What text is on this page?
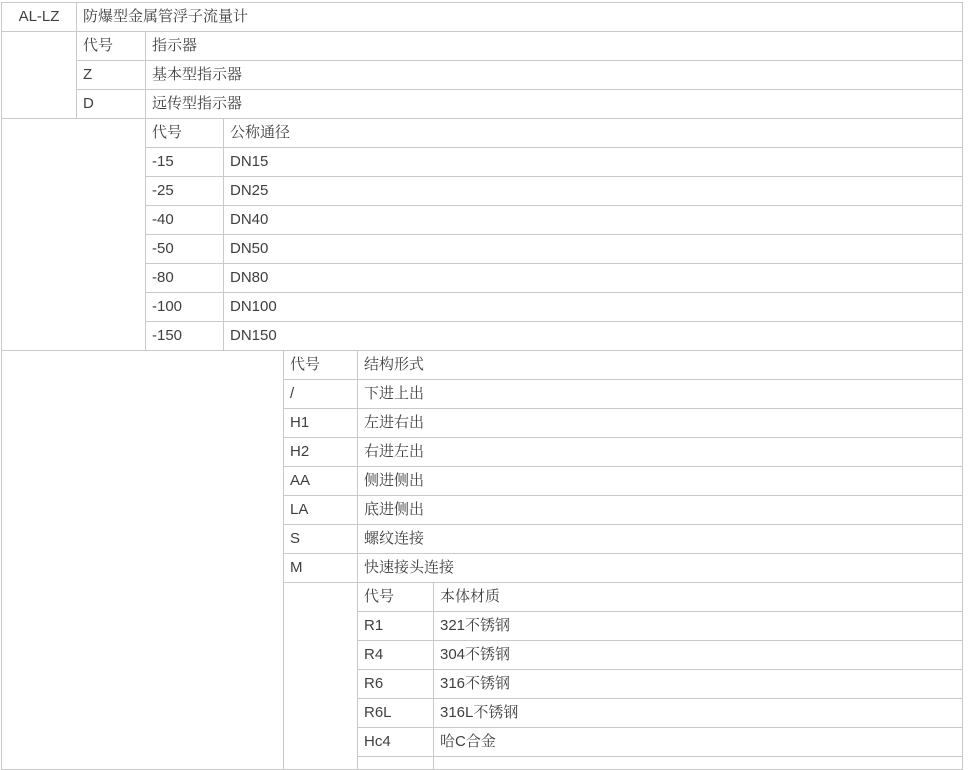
AL-LZ	防爆型金属管浮子流量计
代号	指示器
Z	基本型指示器
D	远传型指示器
代号	公称通径
-15	DN15
-25	DN25
-40	DN40
-50	DN50
-80	DN80
-100	DN100
-150	DN150
代号	结构形式
/	下进上出
H1	左进右出
H2	右进左出
AA	侧进侧出
LA	底进侧出
S	螺纹连接
M	快速接头连接
代号	本体材质
R1	321不锈钢
R4	304不锈钢
R6	316不锈钢
R6L	316L不锈钢
Hc4	哈C合金
